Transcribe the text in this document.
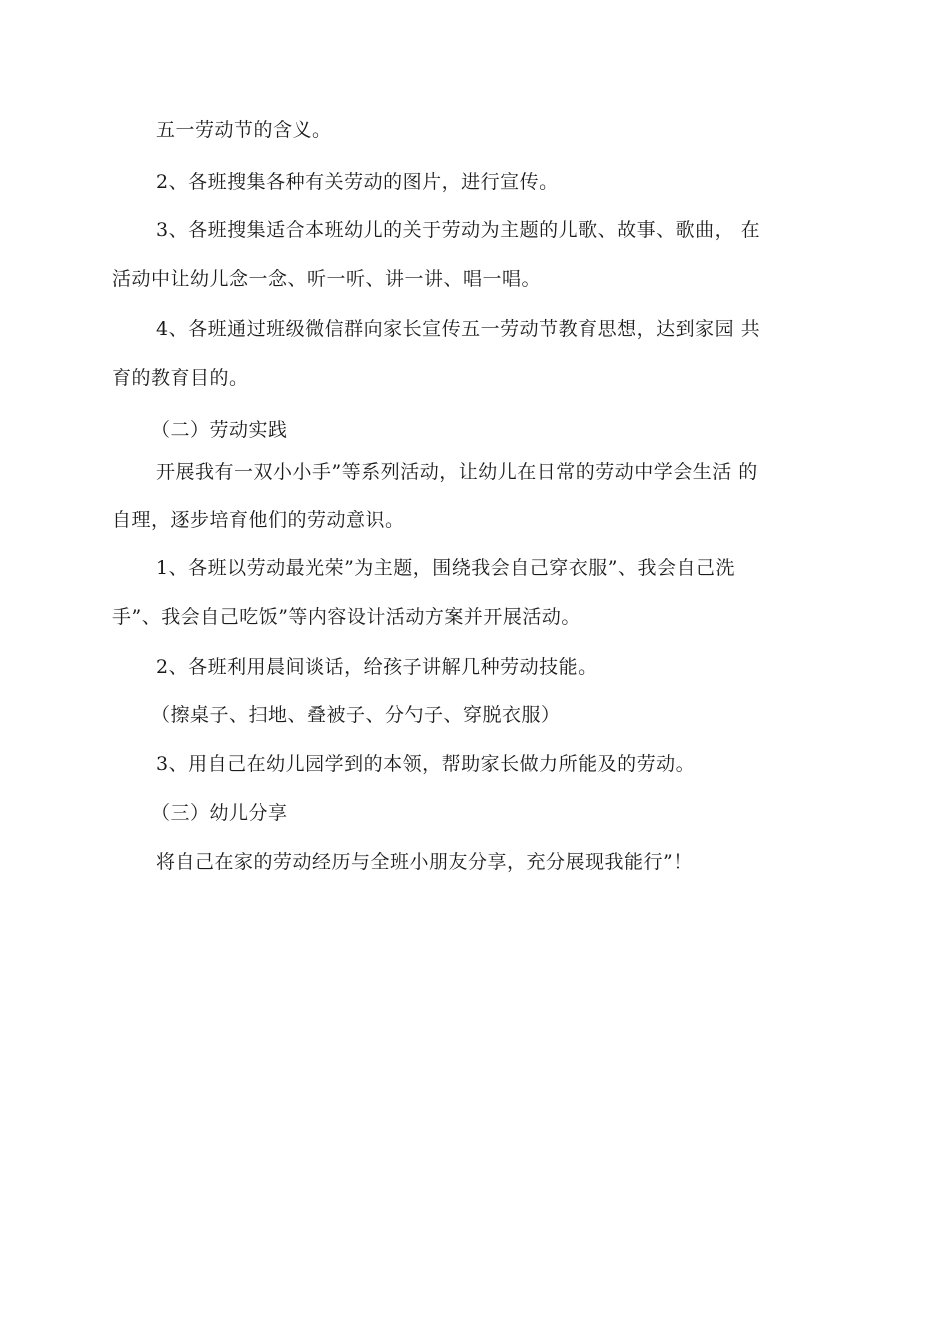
五一劳动节的含义。
2、各班搜集各种有关劳动的图片，进行宣传。
3、各班搜集适合本班幼儿的关于劳动为主题的儿歌、故事、歌曲， 在
活动中让幼儿念一念、听一听、讲一讲、唱一唱。
4、各班通过班级微信群向家长宣传五一劳动节教育思想，达到家园 共
育的教育目的。
（二）劳动实践
开展我有一双小小手”等系列活动，让幼儿在日常的劳动中学会生活 的
自理，逐步培育他们的劳动意识。
1、各班以劳动最光荣”为主题，围绕我会自己穿衣服”、我会自己洗
手”、我会自己吃饭”等内容设计活动方案并开展活动。
2、各班利用晨间谈话，给孩子讲解几种劳动技能。
（擦桌子、扫地、叠被子、分勺子、穿脱衣服）
3、用自己在幼儿园学到的本领，帮助家长做力所能及的劳动。
（三）幼儿分享
将自己在家的劳动经历与全班小朋友分享，充分展现我能行”！
